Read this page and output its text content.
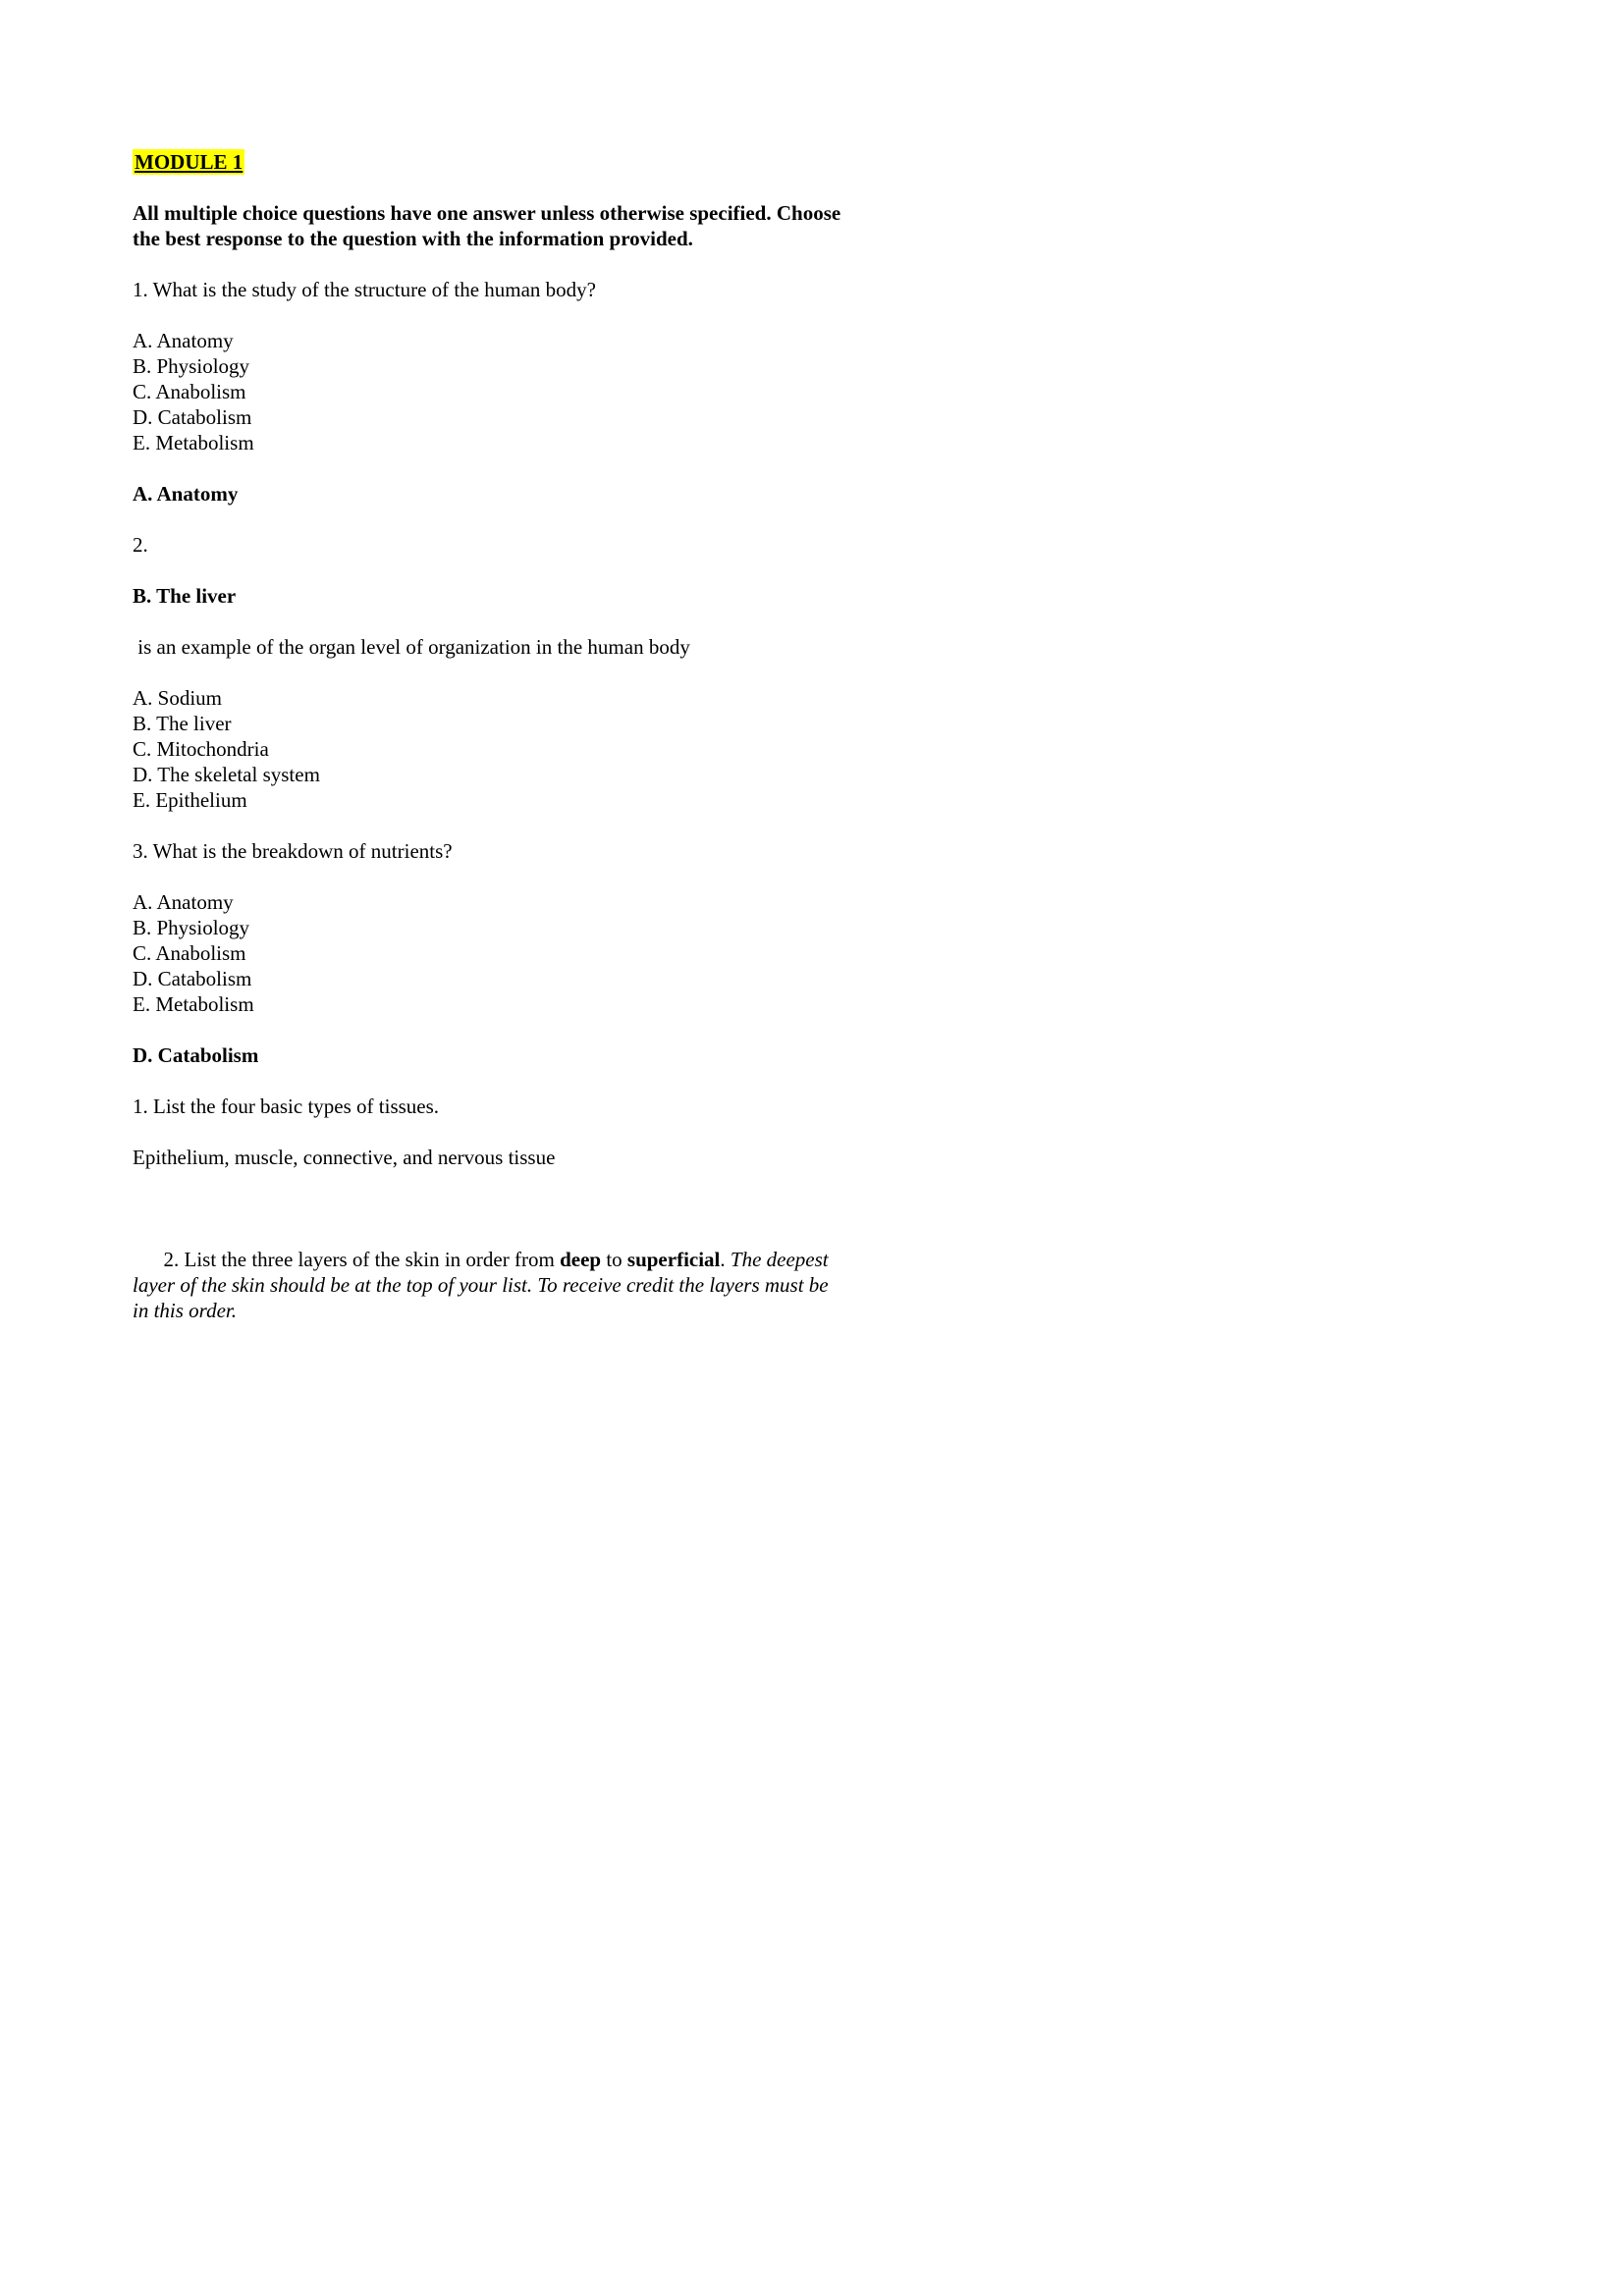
MODULE 1
All multiple choice questions have one answer unless otherwise specified. Choose the best response to the question with the information provided.
1. What is the study of the structure of the human body?
A. Anatomy
B. Physiology
C. Anabolism
D. Catabolism
E. Metabolism
A. Anatomy
2.
B. The liver
is an example of the organ level of organization in the human body
A. Sodium
B. The liver
C. Mitochondria
D. The skeletal system
E. Epithelium
3. What is the breakdown of nutrients?
A. Anatomy
B. Physiology
C. Anabolism
D. Catabolism
E. Metabolism
D. Catabolism
1. List the four basic types of tissues.
Epithelium, muscle, connective, and nervous tissue

2. List the three layers of the skin in order from deep to superficial. The deepest layer of the skin should be at the top of your list. To receive credit the layers must be in this order.
